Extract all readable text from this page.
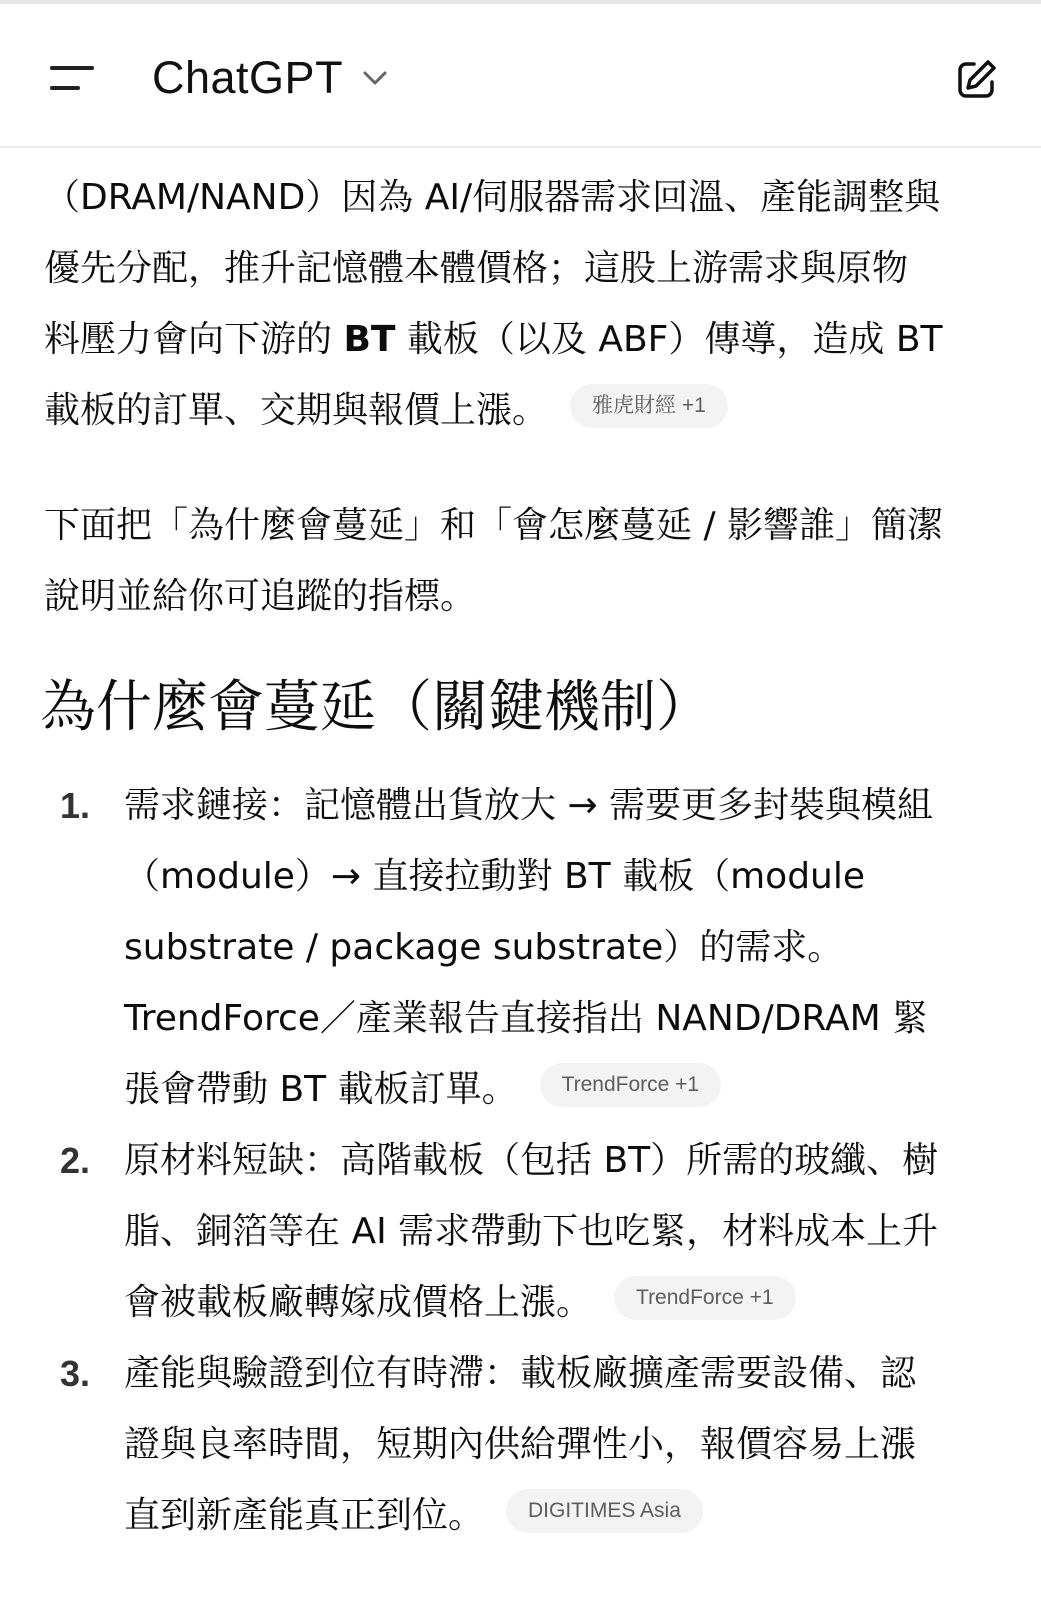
ChatGPT

（DRAM/NAND）因為 AI/伺服器需求回溫、產能調整與
優先分配，推升記憶體本體價格；這股上游需求與原物
料壓力會向下游的 BT 載板（以及 ABF）傳導，造成 BT
載板的訂單、交期與報價上漲。 雅虎財經 +1

下面把「為什麼會蔓延」和「會怎麼蔓延 / 影響誰」簡潔
說明並給你可追蹤的指標。

為什麼會蔓延（關鍵機制）
1. 需求鏈接：記憶體出貨放大 → 需要更多封裝與模組
（module）→ 直接拉動對 BT 載板（module
substrate / package substrate）的需求。
TrendForce／產業報告直接指出 NAND/DRAM 緊
張會帶動 BT 載板訂單。 TrendForce +1
2. 原材料短缺：高階載板（包括 BT）所需的玻纖、樹
脂、銅箔等在 AI 需求帶動下也吃緊，材料成本上升
會被載板廠轉嫁成價格上漲。 TrendForce +1
3. 產能與驗證到位有時滯：載板廠擴產需要設備、認
證與良率時間，短期內供給彈性小，報價容易上漲
直到新產能真正到位。 DIGITIMES Asia
